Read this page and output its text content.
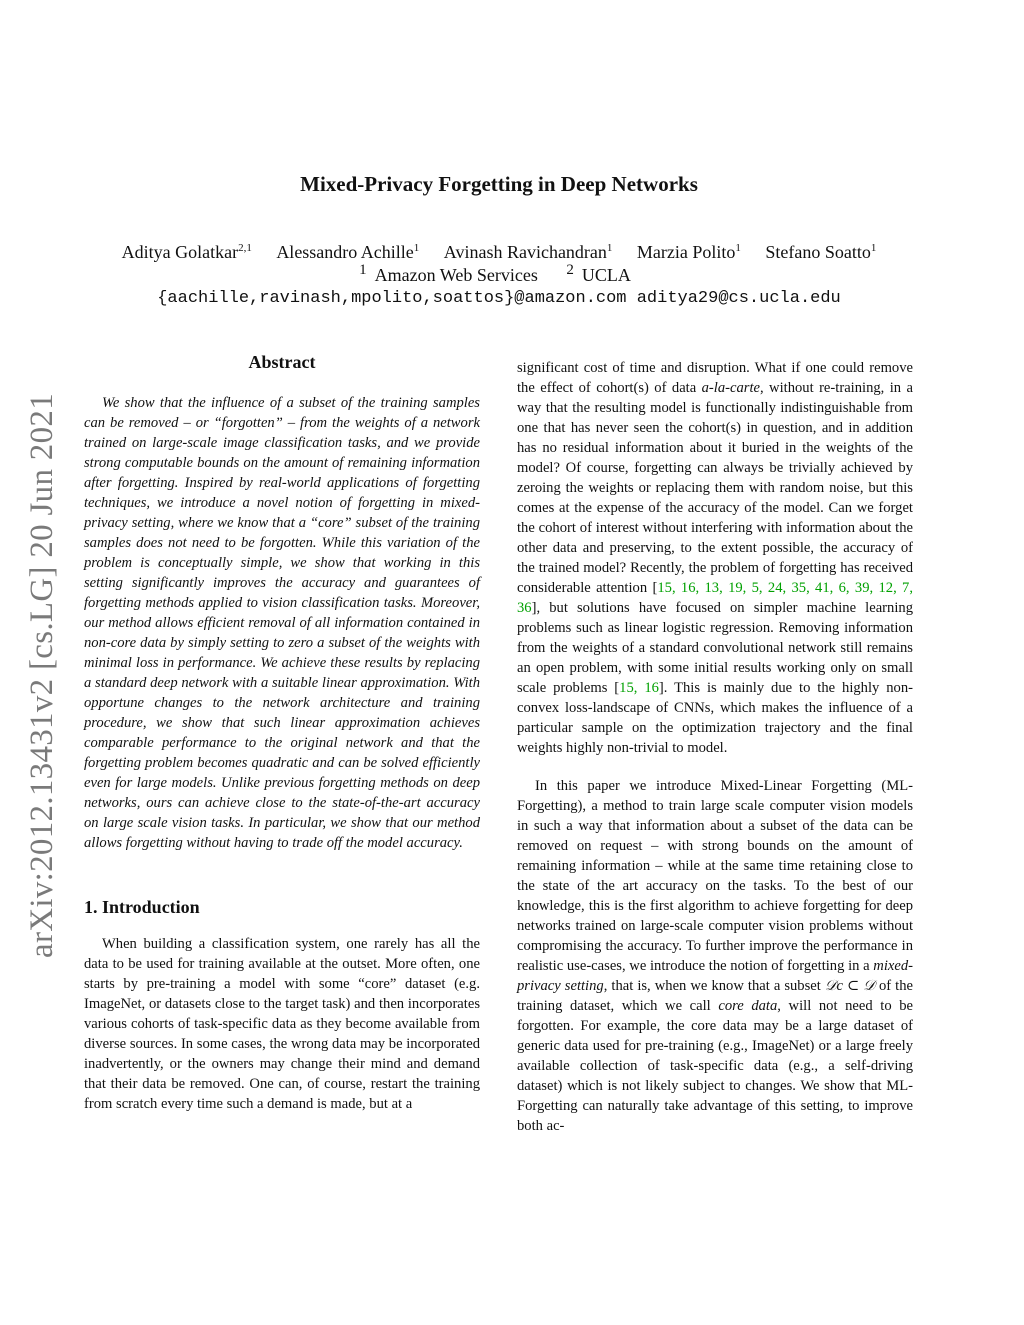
arXiv:2012.13431v2 [cs.LG] 20 Jun 2021
Mixed-Privacy Forgetting in Deep Networks
Aditya Golatkar$^{2,1}$ Alessandro Achille$^1$ Avinash Ravichandran$^1$ Marzia Polito$^1$ Stefano Soatto$^1$
$^1$ Amazon Web Services $^2$ UCLA
{aachille,ravinash,mpolito,soattos}@amazon.com aditya29@cs.ucla.edu
Abstract

We show that the influence of a subset of the training samples can be removed – or “forgotten” – from the weights of a network trained on large-scale image classification tasks, and we provide strong computable bounds on the amount of remaining information after forgetting. Inspired by real-world applications of forgetting techniques, we introduce a novel notion of forgetting in mixed-privacy setting, where we know that a “core” subset of the training samples does not need to be forgotten. While this variation of the problem is conceptually simple, we show that working in this setting significantly improves the accuracy and guarantees of forgetting methods applied to vision classification tasks. Moreover, our method allows efficient removal of all information contained in non-core data by simply setting to zero a subset of the weights with minimal loss in performance. We achieve these results by replacing a standard deep network with a suitable linear approximation. With opportune changes to the network architecture and training procedure, we show that such linear approximation achieves comparable performance to the original network and that the forgetting problem becomes quadratic and can be solved efficiently even for large models. Unlike previous forgetting methods on deep networks, ours can achieve close to the state-of-the-art accuracy on large scale vision tasks. In particular, we show that our method allows forgetting without having to trade off the model accuracy.

1. Introduction

When building a classification system, one rarely has all the data to be used for training available at the outset. More often, one starts by pre-training a model with some “core” dataset (e.g. ImageNet, or datasets close to the target task) and then incorporates various cohorts of task-specific data as they become available from diverse sources. In some cases, the wrong data may be incorporated inadvertently, or the owners may change their mind and demand that their data be removed. One can, of course, restart the training from scratch every time such a demand is made, but at a

significant cost of time and disruption. What if one could remove the effect of cohort(s) of data a-la-carte, without re-training, in a way that the resulting model is functionally indistinguishable from one that has never seen the cohort(s) in question, and in addition has no residual information about it buried in the weights of the model? Of course, forgetting can always be trivially achieved by zeroing the weights or replacing them with random noise, but this comes at the expense of the accuracy of the model. Can we forget the cohort of interest without interfering with information about the other data and preserving, to the extent possible, the accuracy of the trained model? Recently, the problem of forgetting has received considerable attention [15, 16, 13, 19, 5, 24, 35, 41, 6, 39, 12, 7, 36], but solutions have focused on simpler machine learning problems such as linear logistic regression. Removing information from the weights of a standard convolutional network still remains an open problem, with some initial results working only on small scale problems [15, 16]. This is mainly due to the highly non-convex loss-landscape of CNNs, which makes the influence of a particular sample on the optimization trajectory and the final weights highly non-trivial to model.

In this paper we introduce Mixed-Linear Forgetting (ML-Forgetting), a method to train large scale computer vision models in such a way that information about a subset of the data can be removed on request – with strong bounds on the amount of remaining information – while at the same time retaining close to the state of the art accuracy on the tasks. To the best of our knowledge, this is the first algorithm to achieve forgetting for deep networks trained on large-scale computer vision problems without compromising the accuracy. To further improve the performance in realistic use-cases, we introduce the notion of forgetting in a mixed-privacy setting, that is, when we know that a subset 𝒟c ⊂ 𝒟 of the training dataset, which we call core data, will not need to be forgotten. For example, the core data may be a large dataset of generic data used for pre-training (e.g., ImageNet) or a large freely available collection of task-specific data (e.g., a self-driving dataset) which is not likely subject to changes. We show that ML-Forgetting can naturally take advantage of this setting, to improve both ac-
